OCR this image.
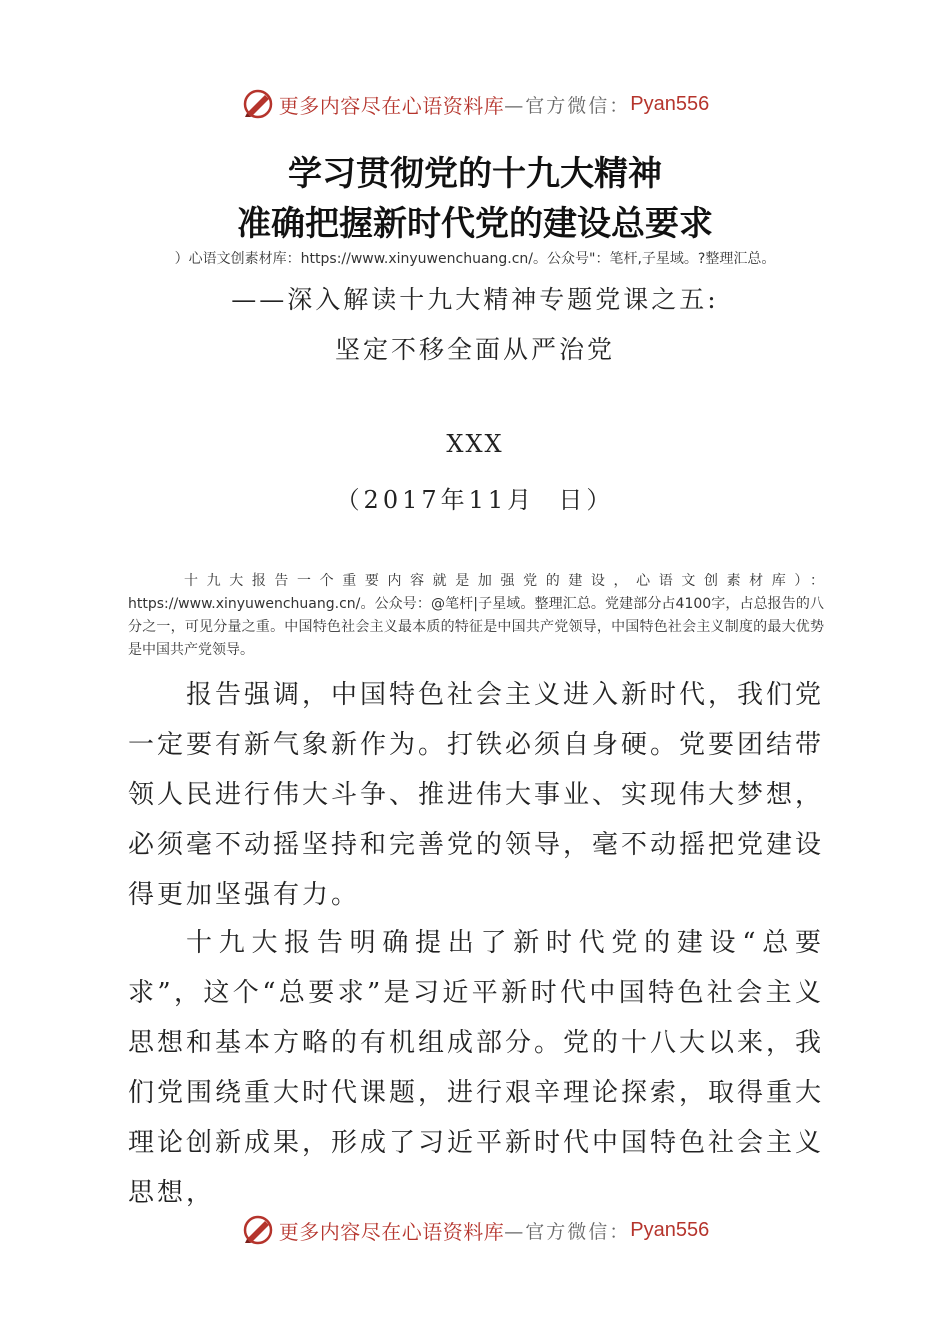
更多内容尽在心语资料库 —官方微信： Pyan556
学习贯彻党的十九大精神
准确把握新时代党的建设总要求
）心语文创素材库：https://www.xinyuwenchuang.cn/。公众号"：笔杆,子星域。?整理汇总。
——深入解读十九大精神专题党课之五:
坚定不移全面从严治党
XXX
（2017年11月  日）

十九大报告一个重要内容就是加强党的建设，心语文创素材库）：https://www.xinyuwenchuang.cn/。公众号：@笔杆|子星域。整理汇总。党建部分占4100字，占总报告的八分之一，可见分量之重。中国特色社会主义最本质的特征是中国共产党领导，中国特色社会主义制度的最大优势是中国共产党领导。

报告强调，中国特色社会主义进入新时代，我们党一定要有新气象新作为。打铁必须自身硬。党要团结带领人民进行伟大斗争、推进伟大事业、实现伟大梦想，必须毫不动摇坚持和完善党的领导，毫不动摇把党建设得更加坚强有力。

十九大报告明确提出了新时代党的建设“总要求”，这个“总要求”是习近平新时代中国特色社会主义思想和基本方略的有机组成部分。党的十八大以来，我们党围绕重大时代课题，进行艰辛理论探索，取得重大理论创新成果，形成了习近平新时代中国特色社会主义思想，

更多内容尽在心语资料库 —官方微信： Pyan556
